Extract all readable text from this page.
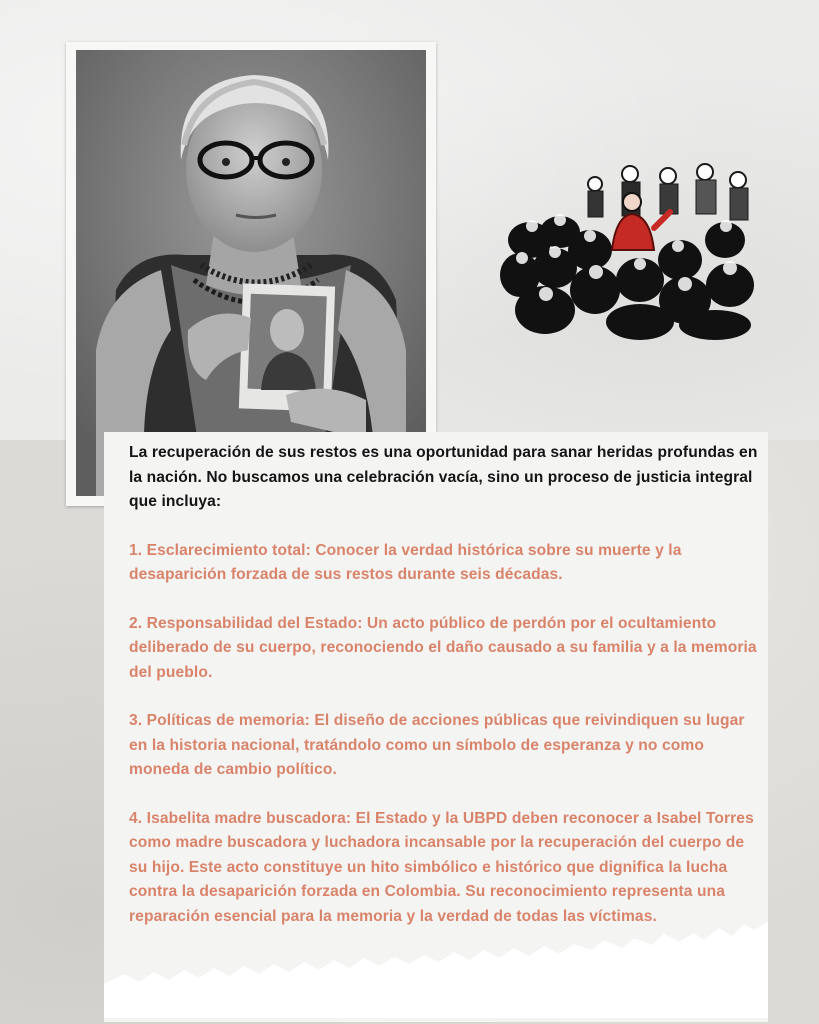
La recuperación de sus restos es una oportunidad para sanar heridas profundas en la nación. No buscamos una celebración vacía, sino un proceso de justicia integral que incluya:

1. Esclarecimiento total: Conocer la verdad histórica sobre su muerte y la desaparición forzada de sus restos durante seis décadas.

2. Responsabilidad del Estado: Un acto público de perdón por el ocultamiento deliberado de su cuerpo, reconociendo el daño causado a su familia y a la memoria del pueblo.

3. Políticas de memoria: El diseño de acciones públicas que reivindiquen su lugar en la historia nacional, tratándolo como un símbolo de esperanza y no como moneda de cambio político.

4. Isabelita madre buscadora: El Estado y la UBPD deben reconocer a Isabel Torres como madre buscadora y luchadora incansable por la recuperación del cuerpo de su hijo. Este acto constituye un hito simbólico e histórico que dignifica la lucha contra la desaparición forzada en Colombia. Su reconocimiento representa una reparación esencial para la memoria y la verdad de todas las víctimas.
